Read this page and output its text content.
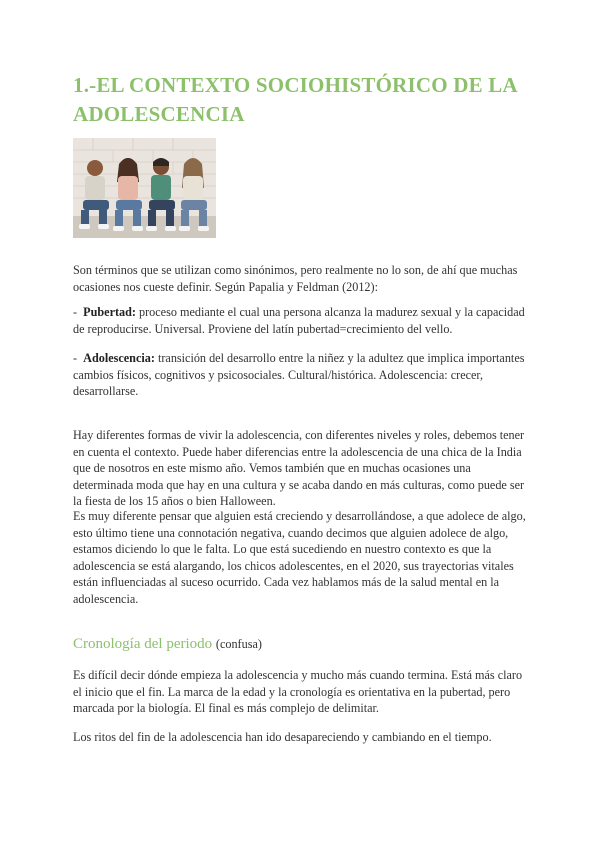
1.-EL CONTEXTO SOCIOHISTÓRICO DE LA ADOLESCENCIA

Son términos que se utilizan como sinónimos, pero realmente no lo son, de ahí que muchas ocasiones nos cueste definir. Según Papalia y Feldman (2012):

- Pubertad: proceso mediante el cual una persona alcanza la madurez sexual y la capacidad de reproducirse. Universal. Proviene del latín pubertad=crecimiento del vello.

- Adolescencia: transición del desarrollo entre la niñez y la adultez que implica importantes cambios físicos, cognitivos y psicosociales. Cultural/histórica. Adolescencia: crecer, desarrollarse.

Hay diferentes formas de vivir la adolescencia, con diferentes niveles y roles, debemos tener en cuenta el contexto. Puede haber diferencias entre la adolescencia de una chica de la India que de nosotros en este mismo año. Vemos también que en muchas ocasiones una determinada moda que hay en una cultura y se acaba dando en más culturas, como puede ser la fiesta de los 15 años o bien Halloween.

Es muy diferente pensar que alguien está creciendo y desarrollándose, a que adolece de algo, esto último tiene una connotación negativa, cuando decimos que alguien adolece de algo, estamos diciendo lo que le falta. Lo que está sucediendo en nuestro contexto es que la adolescencia se está alargando, los chicos adolescentes, en el 2020, sus trayectorias vitales están influenciadas al suceso ocurrido. Cada vez hablamos más de la salud mental en la adolescencia.

Cronología del periodo (confusa)

Es difícil decir dónde empieza la adolescencia y mucho más cuando termina. Está más claro el inicio que el fin. La marca de la edad y la cronología es orientativa en la pubertad, pero marcada por la biología. El final es más complejo de delimitar.

Los ritos del fin de la adolescencia han ido desapareciendo y cambiando en el tiempo.
